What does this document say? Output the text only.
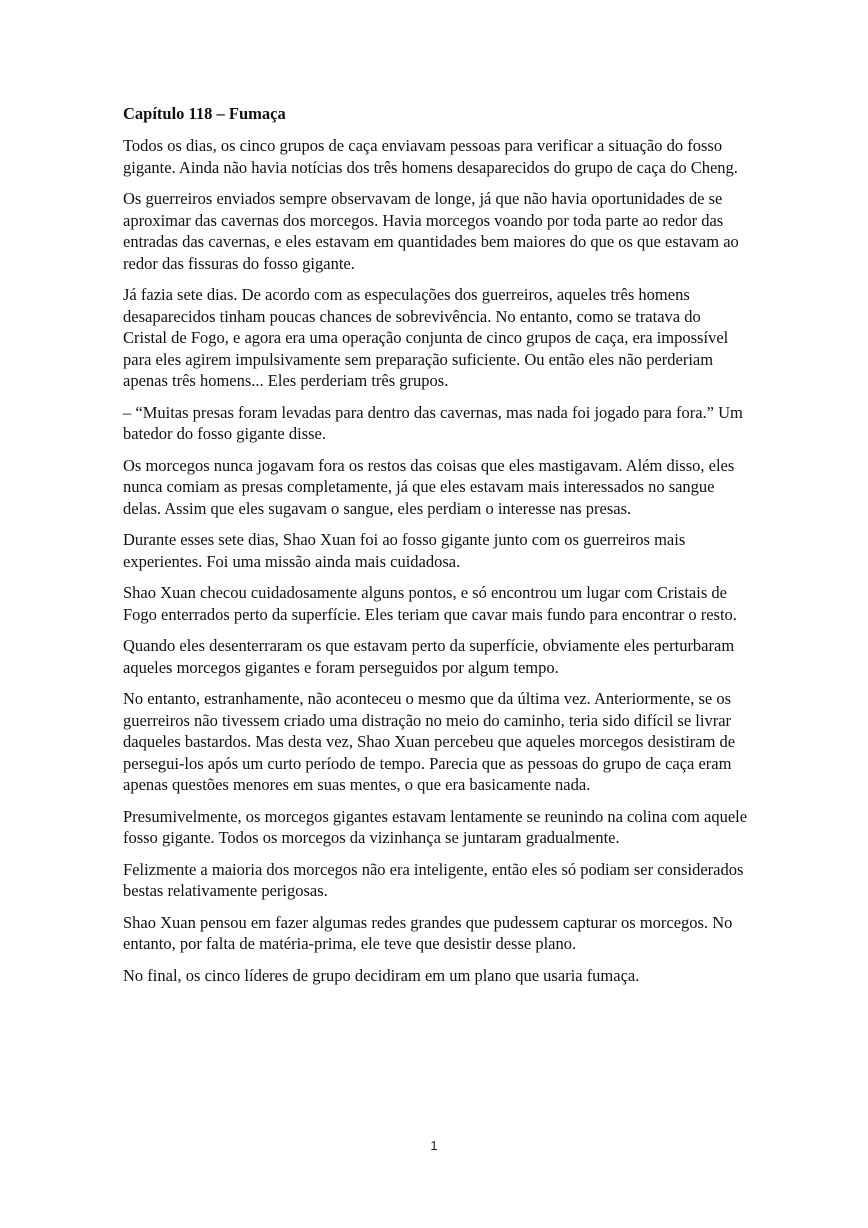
Capítulo 118 – Fumaça

Todos os dias, os cinco grupos de caça enviavam pessoas para verificar a situação do fosso gigante. Ainda não havia notícias dos três homens desaparecidos do grupo de caça do Cheng.

Os guerreiros enviados sempre observavam de longe, já que não havia oportunidades de se aproximar das cavernas dos morcegos. Havia morcegos voando por toda parte ao redor das entradas das cavernas, e eles estavam em quantidades bem maiores do que os que estavam ao redor das fissuras do fosso gigante.

Já fazia sete dias. De acordo com as especulações dos guerreiros, aqueles três homens desaparecidos tinham poucas chances de sobrevivência. No entanto, como se tratava do Cristal de Fogo, e agora era uma operação conjunta de cinco grupos de caça, era impossível para eles agirem impulsivamente sem preparação suficiente. Ou então eles não perderiam apenas três homens... Eles perderiam três grupos.

– “Muitas presas foram levadas para dentro das cavernas, mas nada foi jogado para fora.” Um batedor do fosso gigante disse.

Os morcegos nunca jogavam fora os restos das coisas que eles mastigavam. Além disso, eles nunca comiam as presas completamente, já que eles estavam mais interessados no sangue delas. Assim que eles sugavam o sangue, eles perdiam o interesse nas presas.

Durante esses sete dias, Shao Xuan foi ao fosso gigante junto com os guerreiros mais experientes. Foi uma missão ainda mais cuidadosa.

Shao Xuan checou cuidadosamente alguns pontos, e só encontrou um lugar com Cristais de Fogo enterrados perto da superfície. Eles teriam que cavar mais fundo para encontrar o resto.

Quando eles desenterraram os que estavam perto da superfície, obviamente eles perturbaram aqueles morcegos gigantes e foram perseguidos por algum tempo.

No entanto, estranhamente, não aconteceu o mesmo que da última vez. Anteriormente, se os guerreiros não tivessem criado uma distração no meio do caminho, teria sido difícil se livrar daqueles bastardos. Mas desta vez, Shao Xuan percebeu que aqueles morcegos desistiram de persegui-los após um curto período de tempo. Parecia que as pessoas do grupo de caça eram apenas questões menores em suas mentes, o que era basicamente nada.

Presumivelmente, os morcegos gigantes estavam lentamente se reunindo na colina com aquele fosso gigante. Todos os morcegos da vizinhança se juntaram gradualmente.

Felizmente a maioria dos morcegos não era inteligente, então eles só podiam ser considerados bestas relativamente perigosas.

Shao Xuan pensou em fazer algumas redes grandes que pudessem capturar os morcegos. No entanto, por falta de matéria-prima, ele teve que desistir desse plano.

No final, os cinco líderes de grupo decidiram em um plano que usaria fumaça.

1
